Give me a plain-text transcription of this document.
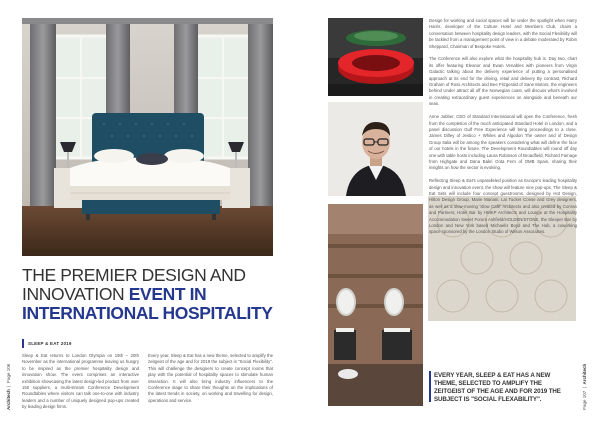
THE PREMIER DESIGN AND
INNOVATION EVENT IN
INTERNATIONAL HOSPITALITY
SLEEP & EAT 2019

Sleep & Eat returns to London Olympia on 19th – 20th November as the international programme leaving us hungry to be inspired as the premier hospitality design and innovation show. The event comprises an interactive exhibition showcasing the latest design-led product from over 150 suppliers, a multi-stream Conference Development Roundtables where visitors can talk one-to-one with industry leaders and a number of uniquely designed pop-ups created by leading design firms.

Every year, Sleep & Eat has a new theme, selected to amplify the zeitgeist of the age and for 2019 the subject is "Social Flexibility". This will challenge the designers to create concept rooms that play with the potential of hospitality spaces to stimulate human interaction. It will also bring industry influencers to the Conference stage to share their thoughts on the implications of the latest trends in society, on working and travelling for design, operations and service.

Architech  |  Page 106

Design for working and social spaces will be under the spotlight when Harry Harris, developer of the Culture Hotel and Members Club, chairs a conversation between hospitality design leaders, with the Social Flexibility will be tackled from a management point of view in a debate moderated by Robin Sheppard, Chairman of Bespoke Hotels.

The Conference will also explore what the hospitality hub is. Day two, chart its offer featuring Eleanor and Ewan Venables with pioneers from Virgin Galactic talking about the delivery experience of putting a personalised approach at its end for the driving, retail and delivery By contrast, Richard Graham of Ross Architects and Bee Fitzgerald of Sane Motors, the engineers behind Under attract all off the Norwegian coast, will discuss what's involved in creating extraordinary guest experiences on alongside and beneath our seas.

Anne Jubber, CEO of Standard International will open the Conference, fresh from the completion of the much anticipated Standard Hotel in London, and a panel discussion Gulf Free Experience will bring proceedings to a close. James Dilley of Jestico + Whiles and Algodon The owner and of Design Group Italia will be among the speakers considering what will define the face of our hotels in the future. The Development Roundtables will round off day one with table hosts including Laura Robinson of Broadfield, Richard Farnage from Highgate and Dana Bakri Oota Fern of OMB Spain, sharing their insights on how the sector is evolving.

Reflecting Sleep & Eat's unparalleled position as Europe's leading hospitality design and innovation event, the show will feature nine pop-ups. The Sleep & Eat Sets will include four concept guestrooms, designed by Hot Design, Hilton Design Group, Marie Mariani, Lai Tucker Conse and Grey designers, as well as a slow-moving 'Slow Café' Architects and also created by Conran and Partners; Hotel Bar by HMKP Architects and Lounge at the Hospitality Accommodation Sweet Forum Ashfield/HOLDEN/STONE, the Sleeper Bar by London and New York based Michaelis Boyd and The Hub, a coworking space sponsored by the London Studio of Wilson Associates.

EVERY YEAR, SLEEP & EAT HAS A NEW THEME, SELECTED TO AMPLIFY THE ZEITGEIST OF THE AGE AND FOR 2019 THE SUBJECT IS "SOCIAL FLEXABILITY".	Page 107  |  Architech
